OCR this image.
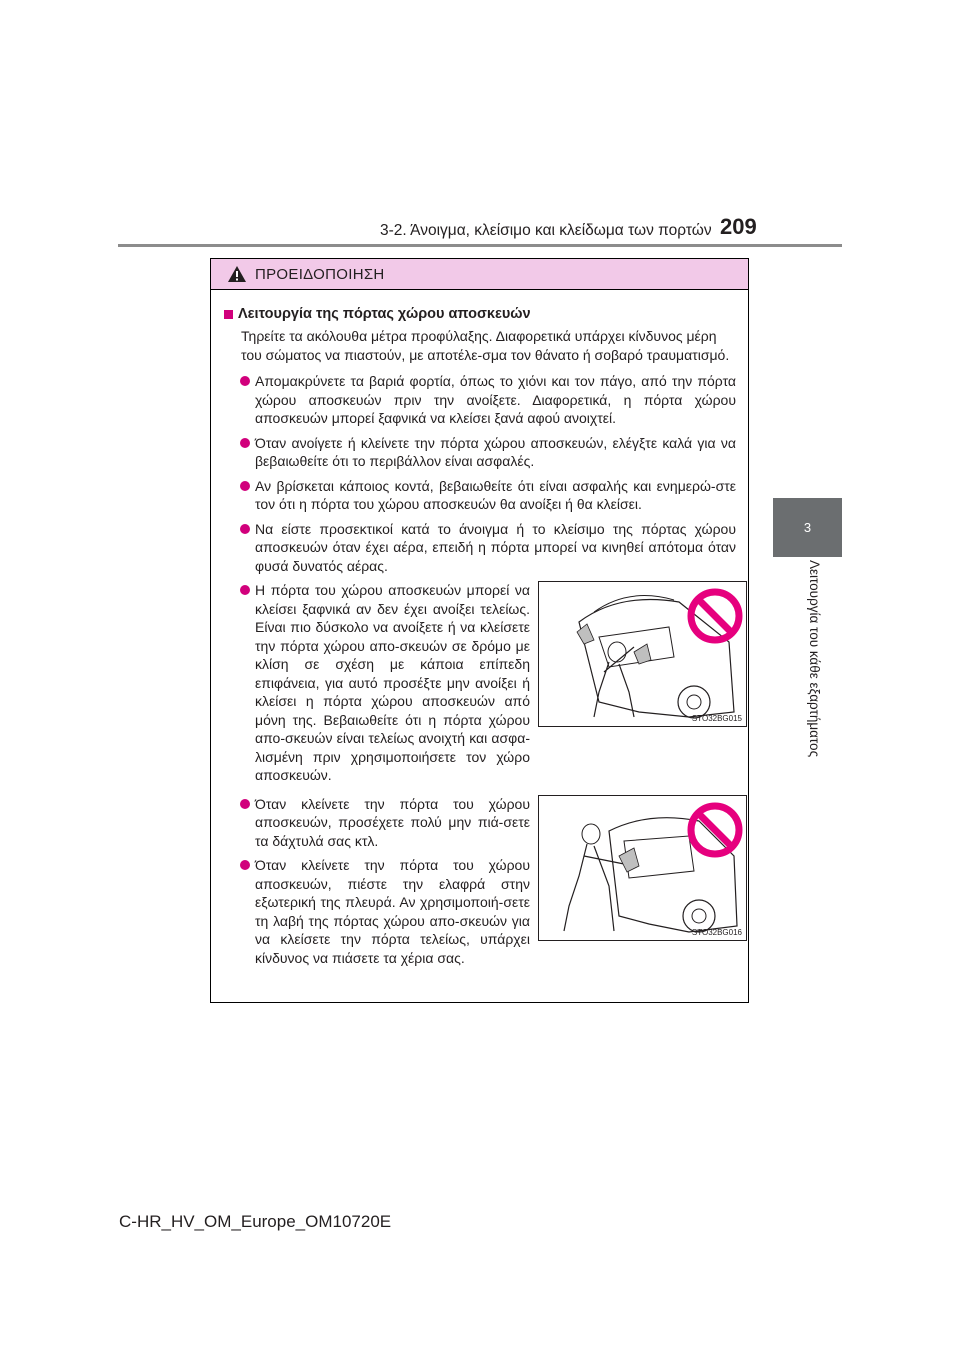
3-2. Άνοιγμα, κλείσιμο και κλείδωμα των πορτών 209
3
Λειτουργία του κάθε εξαρτήματος
ΠΡΟΕΙΔΟΠΟΙΗΣΗ
Λειτουργία της πόρτας χώρου αποσκευών
Τηρείτε τα ακόλουθα μέτρα προφύλαξης. Διαφορετικά υπάρχει κίνδυνος μέρη του σώματος να πιαστούν, με αποτέλε-σμα τον θάνατο ή σοβαρό τραυματισμό.
Απομακρύνετε τα βαριά φορτία, όπως το χιόνι και τον πάγο, από την πόρτα χώρου αποσκευών πριν την ανοίξετε. Διαφορετικά, η πόρτα χώρου αποσκευών μπορεί ξαφνικά να κλείσει ξανά αφού ανοιχτεί.
Όταν ανοίγετε ή κλείνετε την πόρτα χώρου αποσκευών, ελέγξτε καλά για να βεβαιωθείτε ότι το περιβάλλον είναι ασφαλές.
Αν βρίσκεται κάποιος κοντά, βεβαιωθείτε ότι είναι ασφαλής και ενημερώ-στε τον ότι η πόρτα του χώρου αποσκευών θα ανοίξει ή θα κλείσει.
Να είστε προσεκτικοί κατά το άνοιγμα ή το κλείσιμο της πόρτας χώρου αποσκευών όταν έχει αέρα, επειδή η πόρτα μπορεί να κινηθεί απότομα όταν φυσά δυνατός αέρας.
Η πόρτα του χώρου αποσκευών μπορεί να κλείσει ξαφνικά αν δεν έχει ανοίξει τελείως. Είναι πιο δύσκολο να ανοίξετε ή να κλείσετε την πόρτα χώρου απο-σκευών σε δρόμο με κλίση σε σχέση με κάποια επίπεδη επιφάνεια, για αυτό προσέξτε μην ανοίξει ή κλείσει η πόρτα χώρου αποσκευών από μόνη της. Βεβαιωθείτε ότι η πόρτα χώρου απο-σκευών είναι τελείως ανοιχτή και ασφα-λισμένη πριν χρησιμοποιήσετε τον χώρο αποσκευών.
STO32BG015
Όταν κλείνετε την πόρτα του χώρου αποσκευών, προσέχετε πολύ μην πιά-σετε τα δάχτυλά σας κτλ.
Όταν κλείνετε την πόρτα του χώρου αποσκευών, πιέστε την ελαφρά στην εξωτερική της πλευρά. Αν χρησιμοποιή-σετε τη λαβή της πόρτας χώρου απο-σκευών για να κλείσετε την πόρτα τελείως, υπάρχει κίνδυνος να πιάσετε τα χέρια σας.
STO32BG016
C-HR_HV_OM_Europe_OM10720E
